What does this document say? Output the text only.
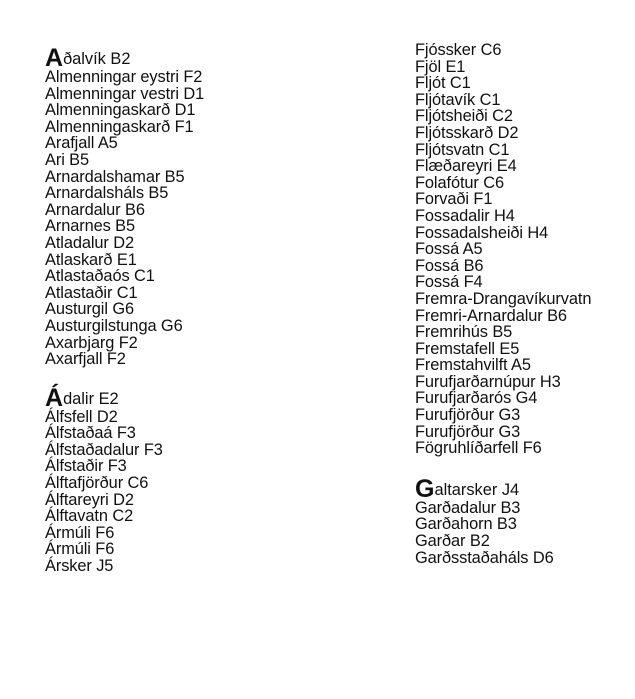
Aðalvík B2
Almenningar eystri F2
Almenningar vestri D1
Almenningaskarð D1
Almenningaskarð F1
Arafjall A5
Ari B5
Arnardalshamar B5
Arnardalsháls B5
Arnardalur B6
Arnarnes B5
Atladalur D2
Atlaskarð E1
Atlastaðaós C1
Atlastaðir C1
Austurgil G6
Austurgilstunga G6
Axarbjarg F2
Axarfjall F2
Ádalir E2
Álfsfell D2
Álfstaðaá F3
Álfstaðadalur F3
Álfstaðir F3
Álftafjörður C6
Álftareyri D2
Álftavatn C2
Ármúli F6
Ármúli F6
Ársker J5
Fjóssker C6
Fjöl E1
Fljót C1
Fljótavík C1
Fljótsheiði C2
Fljótsskarð D2
Fljótsvatn C1
Flæðareyri E4
Folafótur C6
Forvaði F1
Fossadalir H4
Fossadalsheiði H4
Fossá A5
Fossá B6
Fossá F4
Fremra-Drangavíkurvatn
Fremri-Arnardalur B6
Fremrihús B5
Fremstafell E5
Fremstahvilft A5
Furufjarðarnúpur H3
Furufjarðarós G4
Furufjörður G3
Furufjörður G3
Fögruhlíðarfell F6
Galtarsker J4
Garðadalur B3
Garðahorn B3
Garðar B2
Garðsstaðaháls D6
